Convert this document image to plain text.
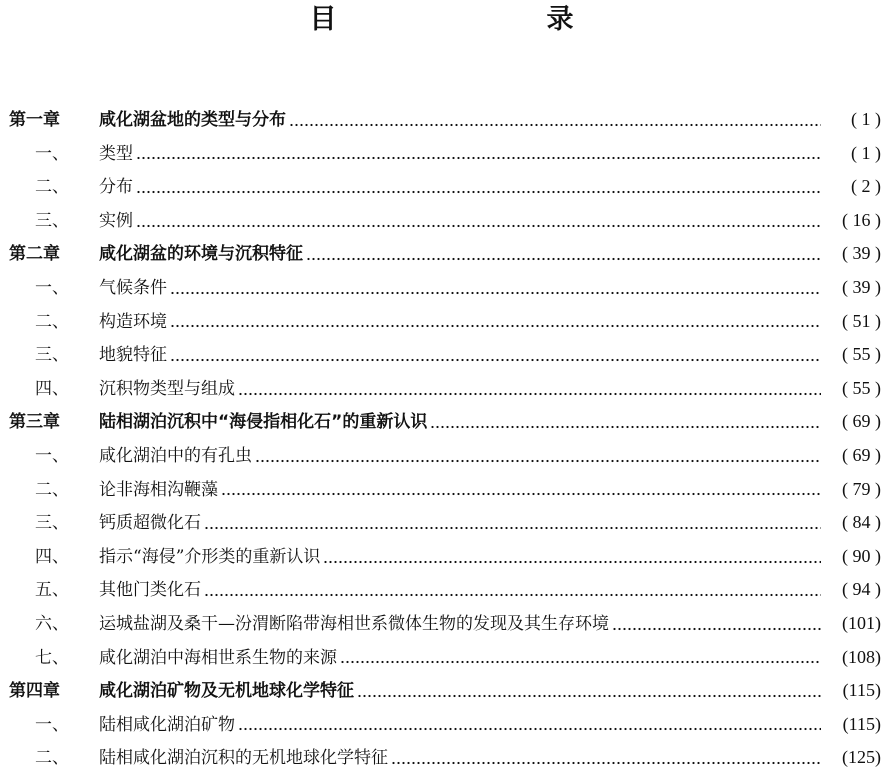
目　　录
第一章	咸化湖盆地的类型与分布	( 1 )
一、	类型	( 1 )
二、	分布	( 2 )
三、	实例	( 16 )
第二章	咸化湖盆的环境与沉积特征	( 39 )
一、	气候条件	( 39 )
二、	构造环境	( 51 )
三、	地貌特征	( 55 )
四、	沉积物类型与组成	( 55 )
第三章	陆相湖泊沉积中“海侵指相化石”的重新认识	( 69 )
一、	咸化湖泊中的有孔虫	( 69 )
二、	论非海相沟鞭藻	( 79 )
三、	钙质超微化石	( 84 )
四、	指示“海侵”介形类的重新认识	( 90 )
五、	其他门类化石	( 94 )
六、	运城盐湖及桑干—汾渭断陷带海相世系微体生物的发现及其生存环境	(101)
七、	咸化湖泊中海相世系生物的来源	(108)
第四章	咸化湖泊矿物及无机地球化学特征	(115)
一、	陆相咸化湖泊矿物	(115)
二、	陆相咸化湖泊沉积的无机地球化学特征	(125)
